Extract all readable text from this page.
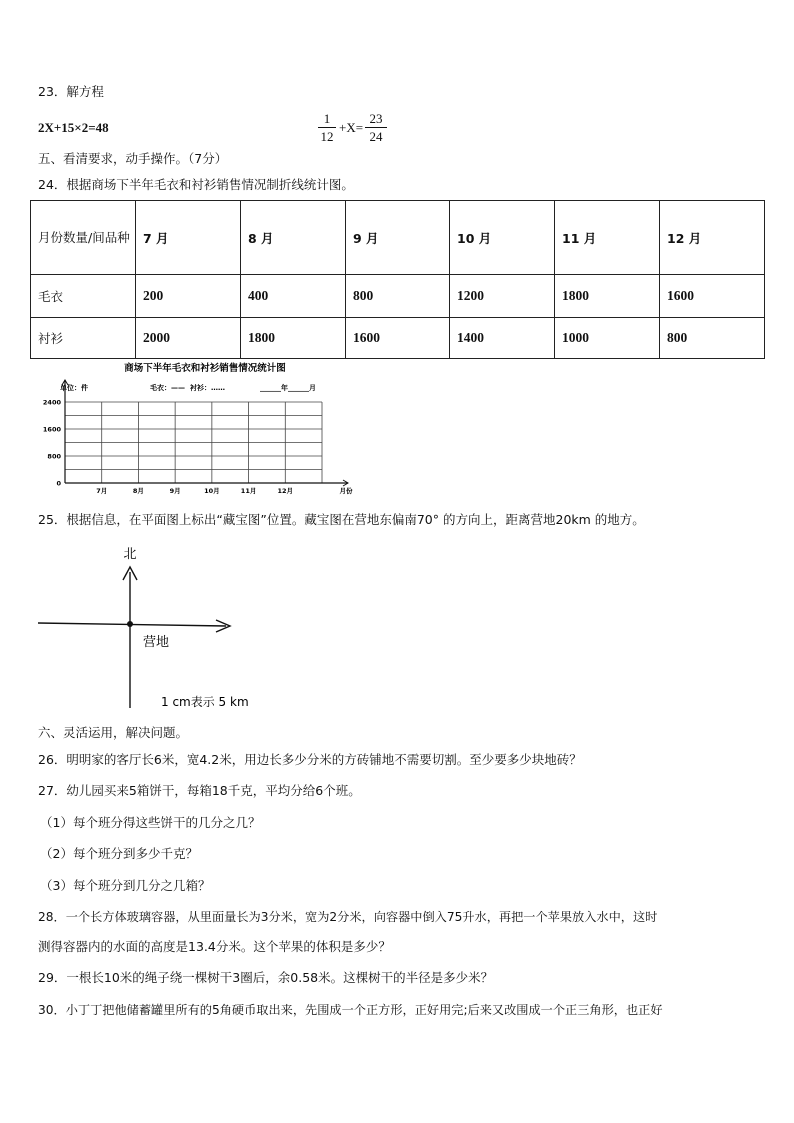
23．解方程
2X+15×2=48
1
12
+X=
23
24
五、看清要求，动手操作。（7分）
24．根据商场下半年毛衣和衬衫销售情况制折线统计图。
月份数量/间品种	7 月	8 月	9 月	10 月	11 月	12 月
毛衣	200	400	800	1200	1800	1600
衬衫	2000	1800	1600	1400	1000	800
商场下半年毛衣和衬衫销售情况统计图
单位：件	毛衣：—— 衬衫：……	______年______月
2400
1600
800
0
7月	8月	9月	10月	11月	12月	月份
25．根据信息，在平面图上标出“藏宝图”位置。藏宝图在营地东偏南70° 的方向上，距离营地20km 的地方。
北
营地
1 cm表示 5 km
六、灵活运用，解决问题。
26．明明家的客厅长6米，宽4.2米，用边长多少分米的方砖铺地不需要切割。至少要多少块地砖？
27．幼儿园买来5箱饼干，每箱18千克，平均分给6个班。
（1）每个班分得这些饼干的几分之几？
（2）每个班分到多少千克？
（3）每个班分到几分之几箱？
28．一个长方体玻璃容器，从里面量长为3分米，宽为2分米，向容器中倒入75升水，再把一个苹果放入水中，这时
测得容器内的水面的高度是13.4分米。这个苹果的体积是多少？
29．一根长10米的绳子绕一棵树干3圈后，余0.58米。这棵树干的半径是多少米？
30．小丁丁把他储蓄罐里所有的5角硬币取出来，先围成一个正方形，正好用完;后来又改围成一个正三角形，也正好
